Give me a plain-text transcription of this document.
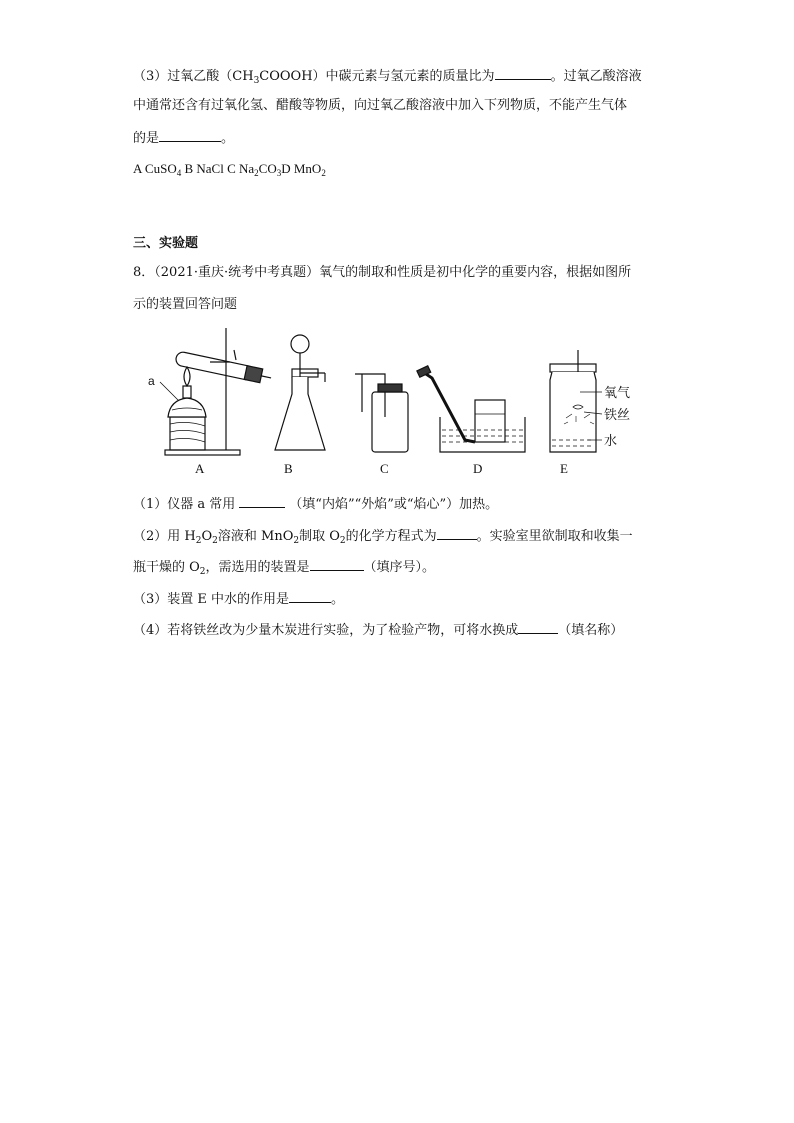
（3）过氧乙酸$(CH_3COOOH)$中碳元素与氢元素的质量比为	。过氧乙酸溶液
中通常还含有过氧化氢、醋酸等物质，向过氧乙酸溶液中加入下列物质，不能产生气体
的是	。
A CuSO$_4$ B NaCl C $Na_2CO_3D$ MnO$_2$
三、实验题
8．（2021·重庆·统考中考真题）氧气的制取和性质是初中化学的重要内容，根据如图所
示的装置回答问题
a
氧气
铁丝
水
A	B	C	D	E
（1）仪器 a 常用	（填“内焰”“外焰”或“焰心”）加热。
（2）用 $H_2O_2$溶液和 MnO$_2$制取 $O_2$的化学方程式为	。实验室里欲制取和收集一
瓶干燥的 $O_2$，需选用的装置是	（填序号）。
（3）装置 E 中水的作用是	。
（4）若将铁丝改为少量木炭进行实验，为了检验产物，可将水换成	（填名称）
